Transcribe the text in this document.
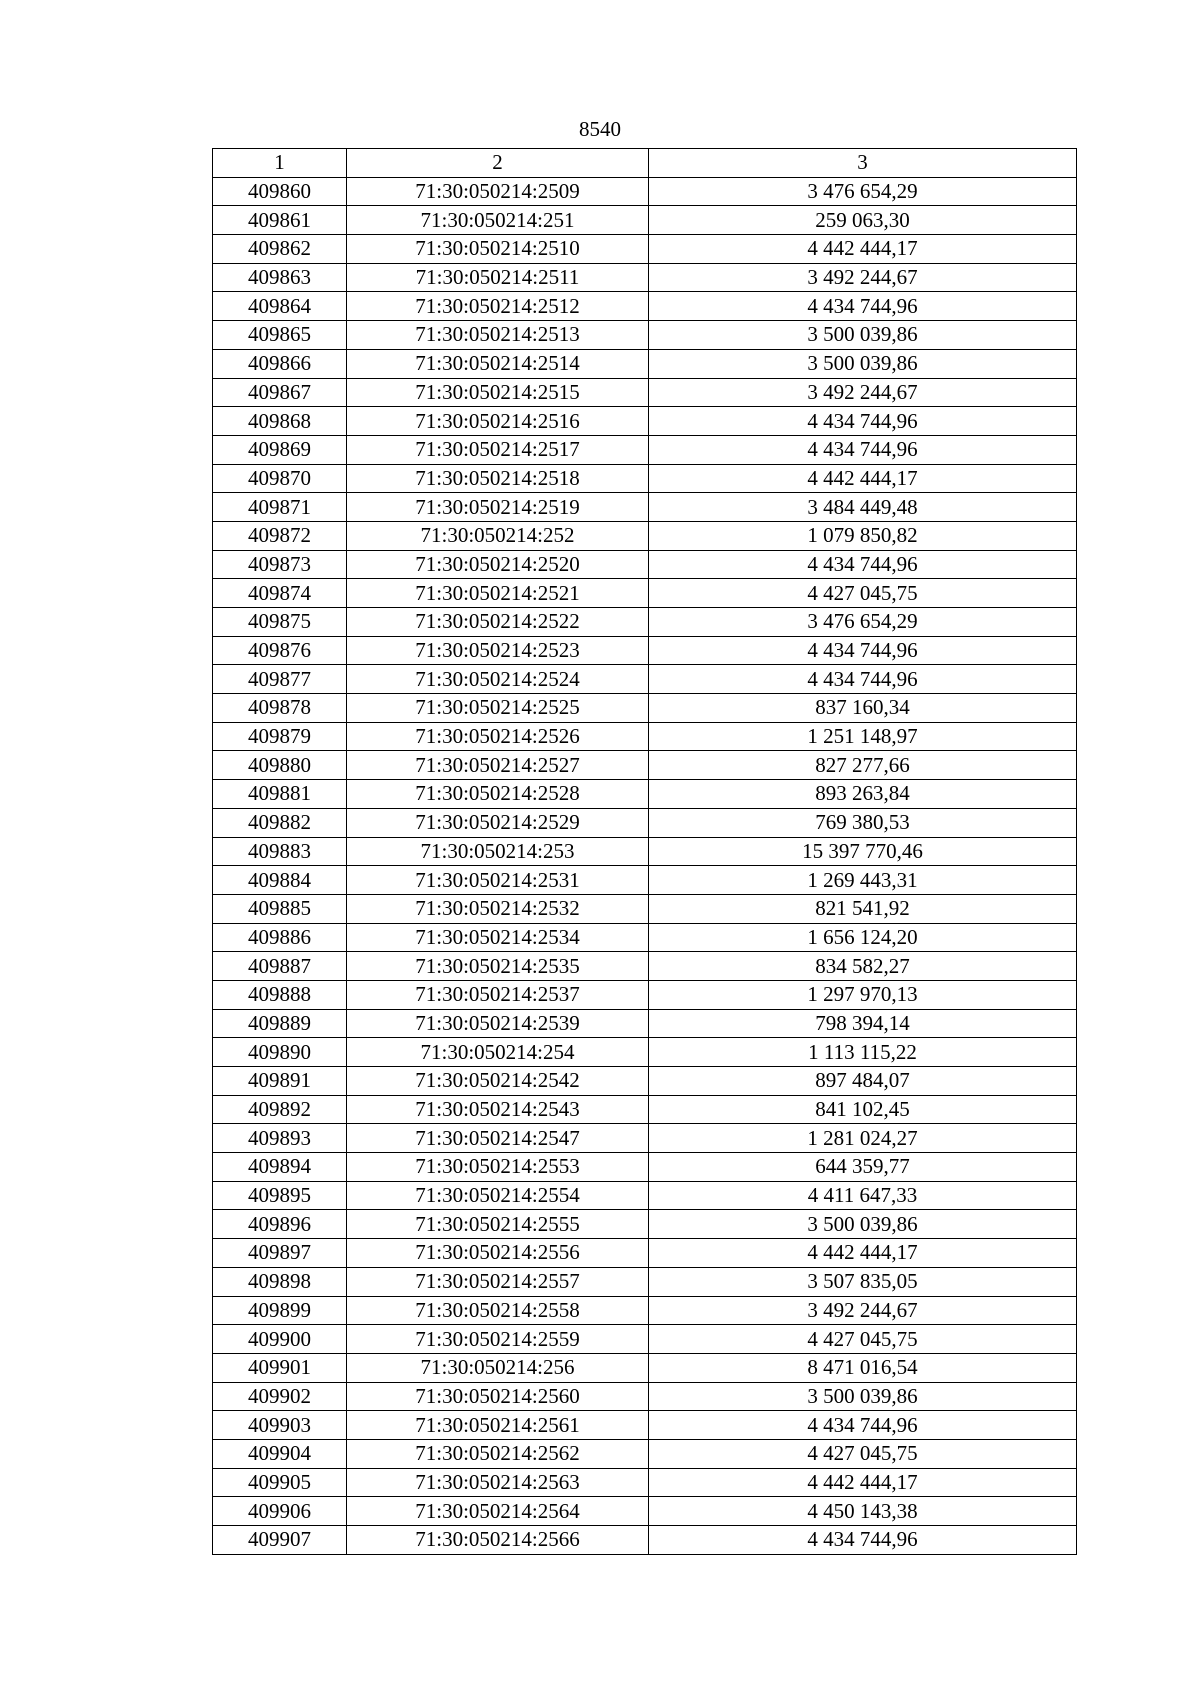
8540
1	2	3
409860	71:30:050214:2509	3 476 654,29
409861	71:30:050214:251	259 063,30
409862	71:30:050214:2510	4 442 444,17
409863	71:30:050214:2511	3 492 244,67
409864	71:30:050214:2512	4 434 744,96
409865	71:30:050214:2513	3 500 039,86
409866	71:30:050214:2514	3 500 039,86
409867	71:30:050214:2515	3 492 244,67
409868	71:30:050214:2516	4 434 744,96
409869	71:30:050214:2517	4 434 744,96
409870	71:30:050214:2518	4 442 444,17
409871	71:30:050214:2519	3 484 449,48
409872	71:30:050214:252	1 079 850,82
409873	71:30:050214:2520	4 434 744,96
409874	71:30:050214:2521	4 427 045,75
409875	71:30:050214:2522	3 476 654,29
409876	71:30:050214:2523	4 434 744,96
409877	71:30:050214:2524	4 434 744,96
409878	71:30:050214:2525	837 160,34
409879	71:30:050214:2526	1 251 148,97
409880	71:30:050214:2527	827 277,66
409881	71:30:050214:2528	893 263,84
409882	71:30:050214:2529	769 380,53
409883	71:30:050214:253	15 397 770,46
409884	71:30:050214:2531	1 269 443,31
409885	71:30:050214:2532	821 541,92
409886	71:30:050214:2534	1 656 124,20
409887	71:30:050214:2535	834 582,27
409888	71:30:050214:2537	1 297 970,13
409889	71:30:050214:2539	798 394,14
409890	71:30:050214:254	1 113 115,22
409891	71:30:050214:2542	897 484,07
409892	71:30:050214:2543	841 102,45
409893	71:30:050214:2547	1 281 024,27
409894	71:30:050214:2553	644 359,77
409895	71:30:050214:2554	4 411 647,33
409896	71:30:050214:2555	3 500 039,86
409897	71:30:050214:2556	4 442 444,17
409898	71:30:050214:2557	3 507 835,05
409899	71:30:050214:2558	3 492 244,67
409900	71:30:050214:2559	4 427 045,75
409901	71:30:050214:256	8 471 016,54
409902	71:30:050214:2560	3 500 039,86
409903	71:30:050214:2561	4 434 744,96
409904	71:30:050214:2562	4 427 045,75
409905	71:30:050214:2563	4 442 444,17
409906	71:30:050214:2564	4 450 143,38
409907	71:30:050214:2566	4 434 744,96
